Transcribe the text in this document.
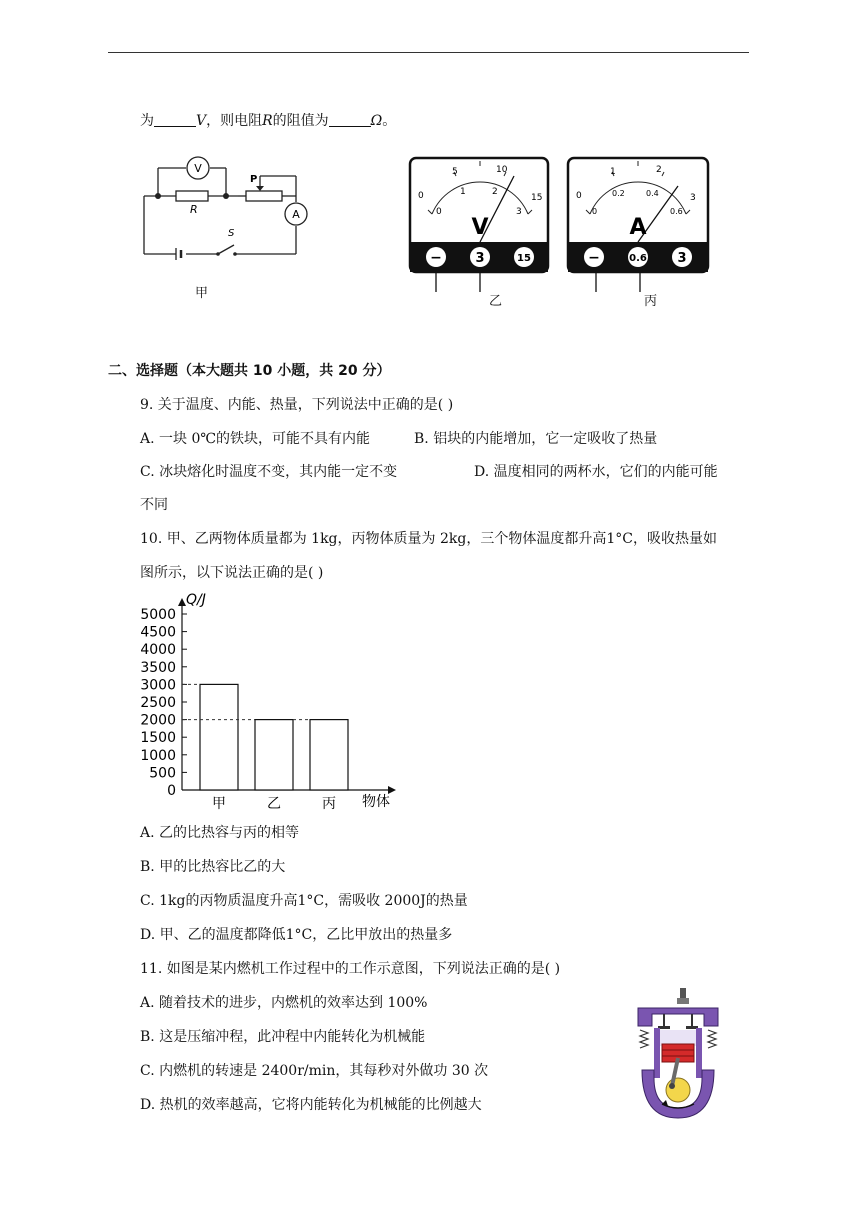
为	V，则电阻R的阻值为	Ω。
V
A
R
P
S
甲
0
5	10
15
0
1	2
3
V
−	3	15
乙
0
1	2
3
0
0.2	0.4
0.6
A
−	0.6 3
丙
二、选择题（本大题共 10 小题，共 20 分）
9. 关于温度、内能、热量，下列说法中正确的是( )
A. 一块 0℃的铁块，可能不具有内能	B. 铝块的内能增加，它一定吸收了热量
C. 冰块熔化时温度不变，其内能一定不变	D. 温度相同的两杯水，它们的内能可能
不同
10. 甲、乙两物体质量都为 1kg，丙物体质量为 2kg，三个物体温度都升高1°C，吸收热量如
图所示，以下说法正确的是( )
Q/J
物体
0
500
1000
1500
2000
2500
3000
3500
4000
4500
5000
甲	乙	丙
A. 乙的比热容与丙的相等
B. 甲的比热容比乙的大
C. 1kg的丙物质温度升高1°C，需吸收 2000J的热量
D. 甲、乙的温度都降低1°C，乙比甲放出的热量多
11. 如图是某内燃机工作过程中的工作示意图，下列说法正确的是( )
A. 随着技术的进步，内燃机的效率达到 100%
B. 这是压缩冲程，此冲程中内能转化为机械能
C. 内燃机的转速是 2400r/min，其每秒对外做功 30 次
D. 热机的效率越高，它将内能转化为机械能的比例越大
